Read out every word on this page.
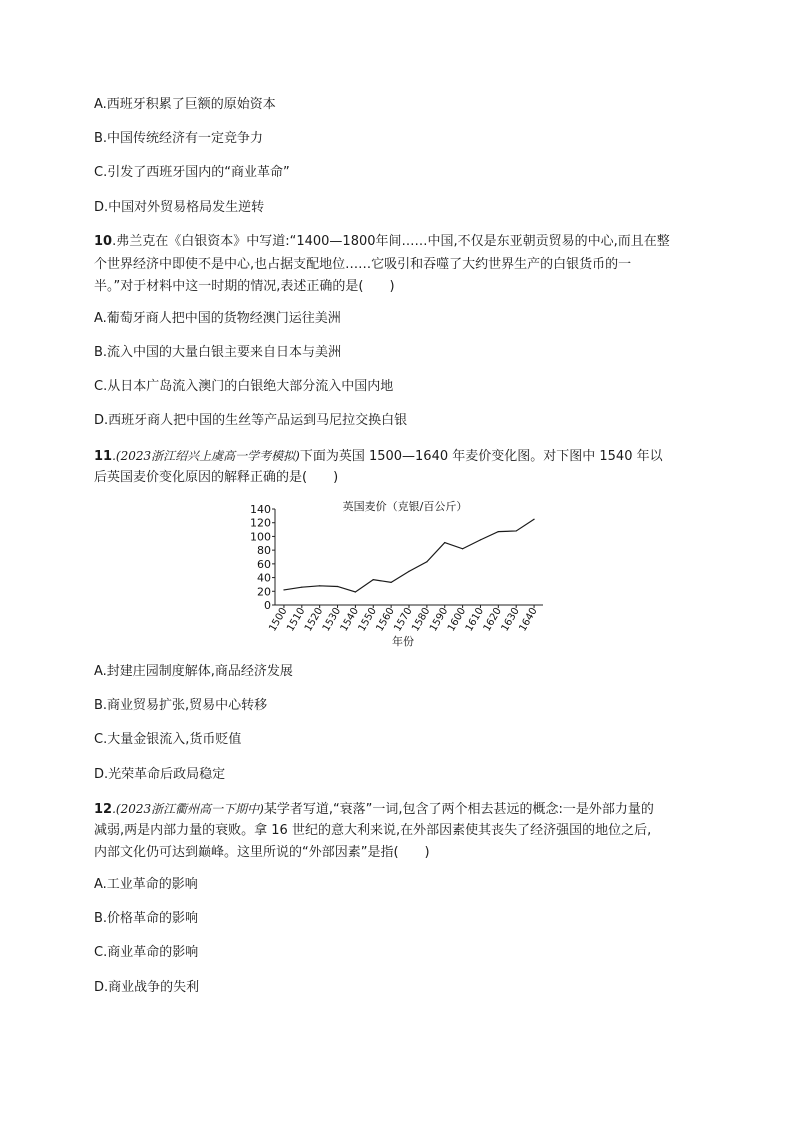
A.西班牙积累了巨额的原始资本
B.中国传统经济有一定竞争力
C.引发了西班牙国内的“商业革命”
D.中国对外贸易格局发生逆转
10.弗兰克在《白银资本》中写道:“1400—1800年间……中国,不仅是东亚朝贡贸易的中心,而且在整
个世界经济中即使不是中心,也占据支配地位……它吸引和吞噬了大约世界生产的白银货币的一
半。”对于材料中这一时期的情况,表述正确的是(　　)
A.葡萄牙商人把中国的货物经澳门运往美洲
B.流入中国的大量白银主要来自日本与美洲
C.从日本广岛流入澳门的白银绝大部分流入中国内地
D.西班牙商人把中国的生丝等产品运到马尼拉交换白银
11.(2023浙江绍兴上虞高一学考模拟)下面为英国 1500—1640 年麦价变化图。对下图中 1540 年以
后英国麦价变化原因的解释正确的是(　　)
英国麦价（克银/百公斤）
0
20
40
60
80
100
120
140
1500
1510
1520
1530
1540
1550
1560
1570
1580
1590
1600
1610
1620
1630
1640
年份
A.封建庄园制度解体,商品经济发展
B.商业贸易扩张,贸易中心转移
C.大量金银流入,货币贬值
D.光荣革命后政局稳定
12.(2023浙江衢州高一下期中)某学者写道,“衰落”一词,包含了两个相去甚远的概念:一是外部力量的
减弱,两是内部力量的衰败。拿 16 世纪的意大利来说,在外部因素使其丧失了经济强国的地位之后,
内部文化仍可达到巅峰。这里所说的“外部因素”是指(　　)
A.工业革命的影响
B.价格革命的影响
C.商业革命的影响
D.商业战争的失利
